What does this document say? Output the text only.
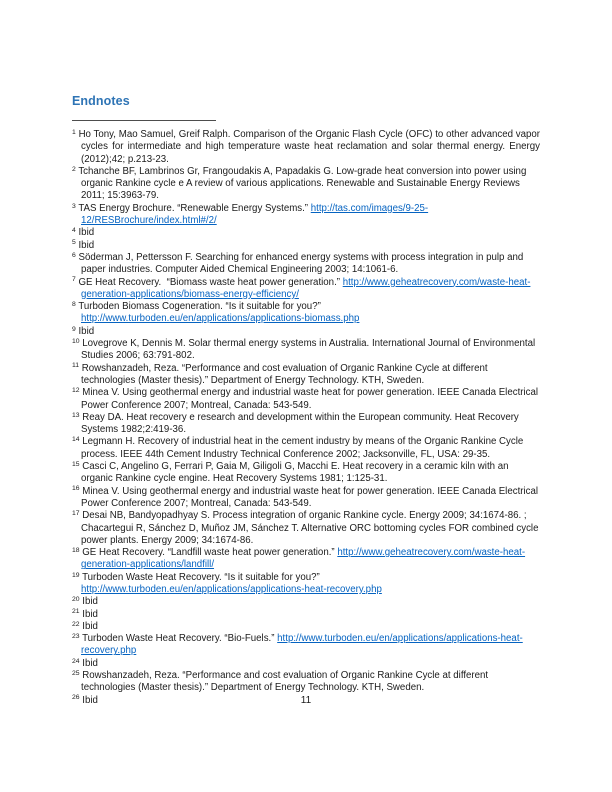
Endnotes
$^1$ Ho Tony, Mao Samuel, Greif Ralph. Comparison of the Organic Flash Cycle (OFC) to other advanced vapor cycles for intermediate and high temperature waste heat reclamation and solar thermal energy. Energy (2012);42; p.213-23.
$^2$ Tchanche BF, Lambrinos Gr, Frangoudakis A, Papadakis G. Low-grade heat conversion into power using organic Rankine cycle e A review of various applications. Renewable and Sustainable Energy Reviews 2011; 15:3963-79.
$^3$ TAS Energy Brochure. “Renewable Energy Systems.” http://tas.com/images/9-25-12/RESBrochure/index.html#/2/
$^4$ Ibid
$^5$ Ibid
$^6$ Söderman J, Pettersson F. Searching for enhanced energy systems with process integration in pulp and paper industries. Computer Aided Chemical Engineering 2003; 14:1061-6.
$^7$ GE Heat Recovery.  “Biomass waste heat power generation.” http://www.geheatrecovery.com/waste-heat-generation-applications/biomass-energy-efficiency/
$^8$ Turboden Biomass Cogeneration. “Is it suitable for you?” http://www.turboden.eu/en/applications/applications-biomass.php
$^9$ Ibid
$^{10}$ Lovegrove K, Dennis M. Solar thermal energy systems in Australia. International Journal of Environmental Studies 2006; 63:791-802.
$^{11}$ Rowshanzadeh, Reza. “Performance and cost evaluation of Organic Rankine Cycle at different technologies (Master thesis).” Department of Energy Technology. KTH, Sweden.
$^{12}$ Minea V. Using geothermal energy and industrial waste heat for power generation. IEEE Canada Electrical Power Conference 2007; Montreal, Canada: 543-549.
$^{13}$ Reay DA. Heat recovery e research and development within the European community. Heat Recovery Systems 1982;2:419-36.
$^{14}$ Legmann H. Recovery of industrial heat in the cement industry by means of the Organic Rankine Cycle process. IEEE 44th Cement Industry Technical Conference 2002; Jacksonville, FL, USA: 29-35.
$^{15}$ Casci C, Angelino G, Ferrari P, Gaia M, Giligoli G, Macchi E. Heat recovery in a ceramic kiln with an organic Rankine cycle engine. Heat Recovery Systems 1981; 1:125-31.
$^{16}$ Minea V. Using geothermal energy and industrial waste heat for power generation. IEEE Canada Electrical Power Conference 2007; Montreal, Canada: 543-549.
$^{17}$ Desai NB, Bandyopadhyay S. Process integration of organic Rankine cycle. Energy 2009; 34:1674-86. ; Chacartegui R, Sánchez D, Muñoz JM, Sánchez T. Alternative ORC bottoming cycles FOR combined cycle power plants. Energy 2009; 34:1674-86.
$^{18}$ GE Heat Recovery. “Landfill waste heat power generation.” http://www.geheatrecovery.com/waste-heat-generation-applications/landfill/
$^{19}$ Turboden Waste Heat Recovery. “Is it suitable for you?” http://www.turboden.eu/en/applications/applications-heat-recovery.php
$^{20}$ Ibid
$^{21}$ Ibid
$^{22}$ Ibid
$^{23}$ Turboden Waste Heat Recovery. “Bio-Fuels.” http://www.turboden.eu/en/applications/applications-heat-recovery.php
$^{24}$ Ibid
$^{25}$ Rowshanzadeh, Reza. “Performance and cost evaluation of Organic Rankine Cycle at different technologies (Master thesis).” Department of Energy Technology. KTH, Sweden.
$^{26}$ Ibid	11
